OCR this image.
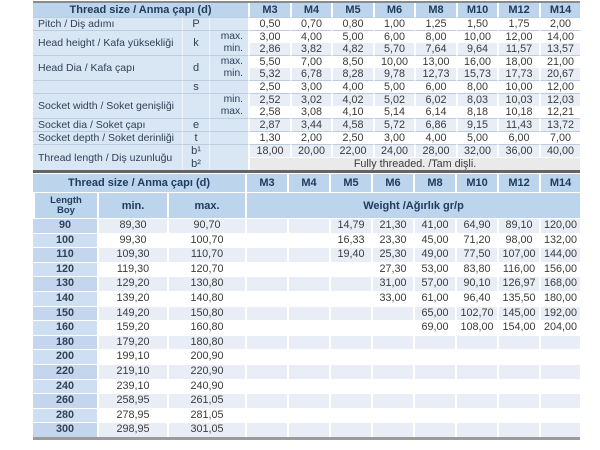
Thread size / Anma çapı (d)			M3	M4	M5	M6	M8	M10	M12	M14
Pitch / Diş adımı	P		0,50	0,70	0,80	1,00	1,25	1,50	1,75	2,00
Head height / Kafa yüksekliği	k	max.	3,00	4,00	5,00	6,00	8,00	10,00	12,00	14,00
		min.	2,86	3,82	4,82	5,70	7,64	9,64	11,57	13,57
Head Dia / Kafa çapı	d	max.	5,50	7,00	8,50	10,00	13,00	16,00	18,00	21,00
		min.	5,32	6,78	8,28	9,78	12,73	15,73	17,73	20,67
	s		2,50	3,00	4,00	5,00	6,00	8,00	10,00	12,00
Socket width / Soket genişliği		min.	2,52	3,02	4,02	5,02	6,02	8,03	10,03	12,03
		max.	2,58	3,08	4,10	5,14	6,14	8,18	10,18	12,21
Socket dia / Soket çapı	e		2,87	3,44	4,58	5,72	6,86	9,15	11,43	13,72
Socket depth / Soket derinliği	t		1,30	2,00	2,50	3,00	4,00	5,00	6,00	7,00
Thread length / Diş uzunluğu	b¹		18,00	20,00	22,00	24,00	28,00	32,00	36,00	40,00
	b²		Fully threaded. /Tam dişli.							
Thread size / Anma çapı (d)			M3	M4	M5	M6	M8	M10	M12	M14

Length
Boy	min.	max.	Weight /Ağırlık gr/p							
90	89,30	90,70			14,79	21,30	41,00	64,90	89,10	120,00
100	99,30	100,70			16,33	23,30	45,00	71,20	98,00	132,00
110	109,30	110,70			19,40	25,30	49,00	77,50	107,00	144,00
120	119,30	120,70				27,30	53,00	83,80	116,00	156,00
130	129,20	130,80				31,00	57,00	90,10	126,97	168,00
140	139,20	140,80				33,00	61,00	96,40	135,50	180,00
150	149,20	150,80					65,00	102,70	145,00	192,00
160	159,20	160,80					69,00	108,00	154,00	204,00
180	179,20	180,80								
200	199,10	200,90								
220	219,10	220,90								
240	239,10	240,90								
260	258,95	261,05								
280	278,95	281,05								
300	298,95	301,05								
